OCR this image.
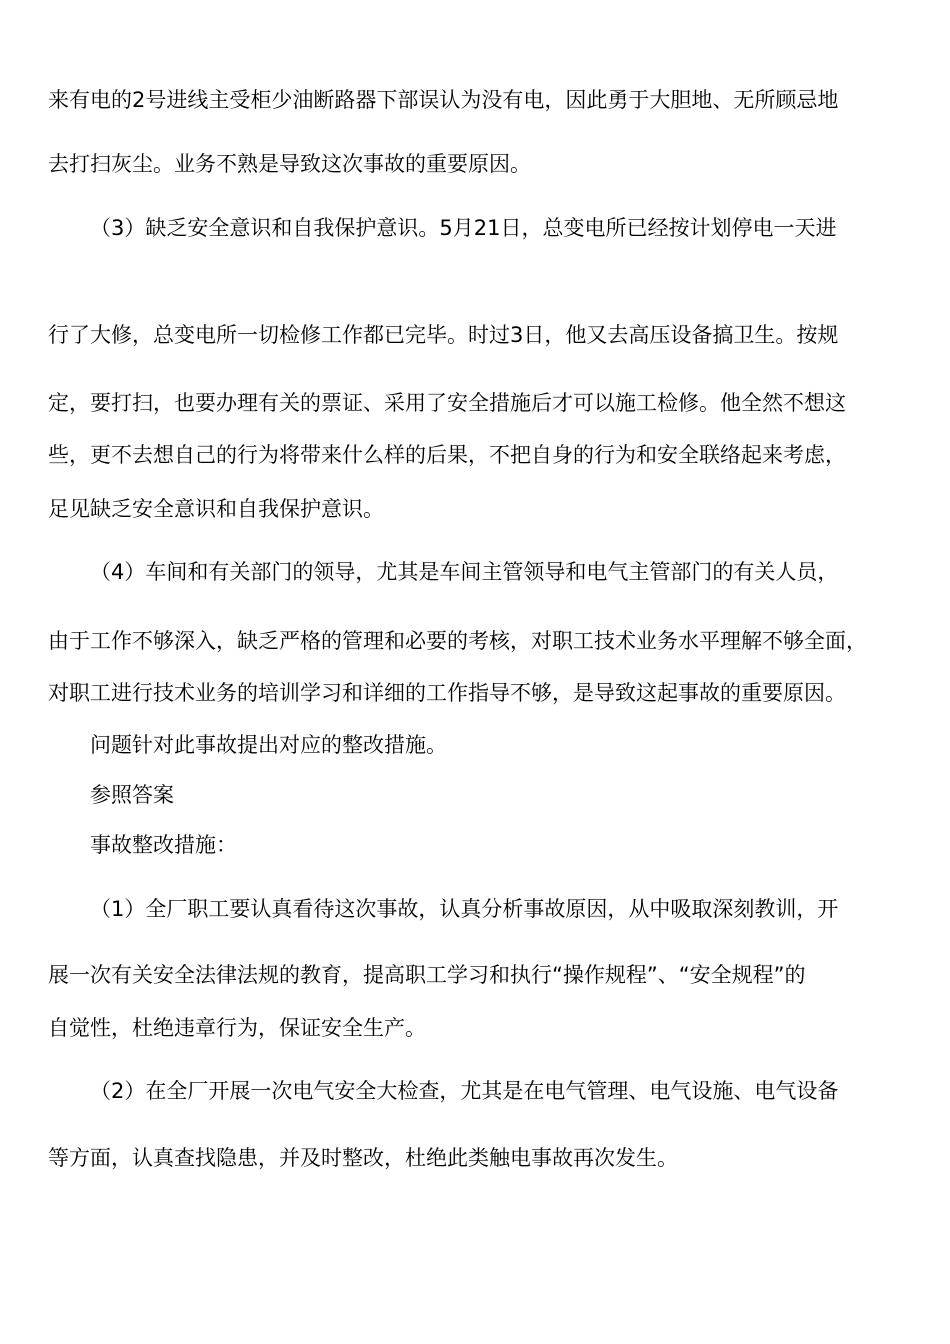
来有电的2号进线主受柜少油断路器下部误认为没有电，因此勇于大胆地、无所顾忌地

去打扫灰尘。业务不熟是导致这次事故的重要原因。

（3）缺乏安全意识和自我保护意识。5月21日，总变电所已经按计划停电一天进

行了大修，总变电所一切检修工作都已完毕。时过3日，他又去高压设备搞卫生。按规

定，要打扫，也要办理有关的票证、采用了安全措施后才可以施工检修。他全然不想这

些，更不去想自己的行为将带来什么样的后果，不把自身的行为和安全联络起来考虑，

足见缺乏安全意识和自我保护意识。

（4）车间和有关部门的领导，尤其是车间主管领导和电气主管部门的有关人员，

由于工作不够深入，缺乏严格的管理和必要的考核，对职工技术业务水平理解不够全面，

对职工进行技术业务的培训学习和详细的工作指导不够，是导致这起事故的重要原因。

问题针对此事故提出对应的整改措施。

参照答案

事故整改措施：

（1）全厂职工要认真看待这次事故，认真分析事故原因，从中吸取深刻教训，开

展一次有关安全法律法规的教育，提高职工学习和执行“操作规程”、“安全规程”的

自觉性，杜绝违章行为，保证安全生产。

（2）在全厂开展一次电气安全大检查，尤其是在电气管理、电气设施、电气设备

等方面，认真查找隐患，并及时整改，杜绝此类触电事故再次发生。
